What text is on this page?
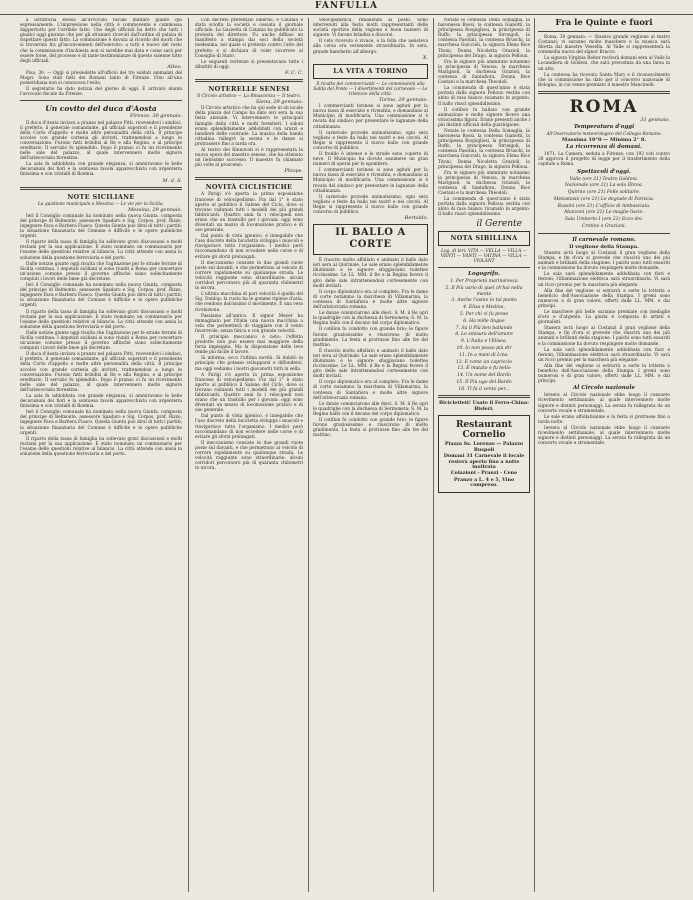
FANFULLA

a istruttoria stessa all'avvocato fiscale militare giunto qui espressamente. L'impressione nella città è commovente e commossa dappertutto per l'orribile fatto. Uno degli ufficiali ha detto che tutti i giudici oggi giurano che per gli stranieri ricevuti dall'ordine di polizia di rispettare questo fatto. La commozione è dovuta al ricordo dei morti che si trovarono fra gl'inconvenienti dell'esercito: a tutti è nuovo del resto che la commissione d'inchiesta non si sarebbe mai data e come sarà per essere forse, del processo e di tante testimonianze di questo solenne fatto degli ufficiali.

Alteo.

Pisa, 30. — Oggi si presiedette all'ufficio dei tre soldati ammalati del Magri. Sono stati fatti dei Romani tanto di Firenze. Fino all'una pomeridiana non si conosceva l'esito.

Il segretario ha dato notizia del giorno di oggi. È arrivato alunni l'avvocato fiscale da Firenze.

Un covito del duca d'Aosta

Firenze, 30 gennaio.

Il duca d'Aosta inviava a pranzo nel palazzo Pitti, ricevendovi i sindaci, il prefetto, il generale comandante, gli ufficiali superiori e il presidente della Corte d'appello e molte altre personalità della città. Il principe accolse con grande cortesia gli invitati, trattenendosi a lungo in conversazione. Furono fatti brindisi al Re e alla Regina, e al principe ereditario. Il servizio fu splendido. Dopo il pranzo ci fu un ricevimento nelle sale del palazzo, al quale intervennero molte signore dell'aristocrazia fiorentina.

La sala fu addobbata con grande eleganza; si ammiravano le belle decorazioni dei fiori e la sontuosa tavola apparecchiata con argenteria finissima e con cristalli di Boemia.

M. d. S.

NOTE SICILIANE

La quistione municipale a Messina — Le vie per la Sicilia.

Messina, 29 gennaio.

Ieri il Consiglio comunale ha nominato nella nuova Giunta, composta del principe di Belmonte, assessore Spadaro e Sig. Corpos, prof. Rizzo, ingegnere Fava e Barbera Fiasco. Questa Giunta può dirsi di tutti i partiti; la situazione finanziaria del Comune è difficile e le opere pubbliche urgenti.

Il riparto della tassa di famiglia ha sollevato gravi discussioni e molti reclami per la sua applicazione. È stato nominato un commissario per l'esame delle questioni relative al bilancio. La città attende con ansia la soluzione della questione ferroviaria e del porto.

Dalle notizie giunte oggi risulta che l'agitazione per le strade ferrate di Sicilia continua. I deputati siciliani si sono riuniti a Roma per concertare un'azione comune presso il governo affinché siano sollecitamente compiuti i lavori delle linee già decretate.

Ieri il Consiglio comunale ha nominato nella nuova Giunta, composta del principe di Belmonte, assessore Spadaro e Sig. Corpos, prof. Rizzo, ingegnere Fava e Barbera Fiasco. Questa Giunta può dirsi di tutti i partiti; la situazione finanziaria del Comune è difficile e le opere pubbliche urgenti.

Il riparto della tassa di famiglia ha sollevato gravi discussioni e molti reclami per la sua applicazione. È stato nominato un commissario per l'esame delle questioni relative al bilancio. La città attende con ansia la soluzione della questione ferroviaria e del porto.

Dalle notizie giunte oggi risulta che l'agitazione per le strade ferrate di Sicilia continua. I deputati siciliani si sono riuniti a Roma per concertare un'azione comune presso il governo affinché siano sollecitamente compiuti i lavori delle linee già decretate.

Il duca d'Aosta inviava a pranzo nel palazzo Pitti, ricevendovi i sindaci, il prefetto, il generale comandante, gli ufficiali superiori e il presidente della Corte d'appello e molte altre personalità della città. Il principe accolse con grande cortesia gli invitati, trattenendosi a lungo in conversazione. Furono fatti brindisi al Re e alla Regina, e al principe ereditario. Il servizio fu splendido. Dopo il pranzo ci fu un ricevimento nelle sale del palazzo, al quale intervennero molte signore dell'aristocrazia fiorentina.

La sala fu addobbata con grande eleganza; si ammiravano le belle decorazioni dei fiori e la sontuosa tavola apparecchiata con argenteria finissima e con cristalli di Boemia.

Ieri il Consiglio comunale ha nominato nella nuova Giunta, composta del principe di Belmonte, assessore Spadaro e Sig. Corpos, prof. Rizzo, ingegnere Fava e Barbera Fiasco. Questa Giunta può dirsi di tutti i partiti; la situazione finanziaria del Comune è difficile e le opere pubbliche urgenti.

Il riparto della tassa di famiglia ha sollevato gravi discussioni e molti reclami per la sua applicazione. È stato nominato un commissario per l'esame delle questioni relative al bilancio. La città attende con ansia la soluzione della questione ferroviaria e del porto.

Con decreto prefettizio odierno, è Catania è stata sciolta la società e cessata il giornale ufficiale. La Gazzetta di Catania ha pubblicato la protesta del direttore. Fu anche diffuso un manifesto a stampa dai soci della società medesima, nel quale si protesta contro l'atto del prefetto e si dichiara di voler ricorrere al Consiglio di Stato.

Le seguenti vertenze si presentavano tutte i dibattiti di oggi.

F. C. C.

NOTERELLE SENESI

Il Circolo artistico — La Rinascenza — Il teatro.

Siena, 29 gennaio.

Il Circolo artistico che ha qui sede in un locale della piazza del Campo ha dato ieri sera la sua festa annuale. Vi intervennero le principali famiglie della città e molti forestieri. I saloni erano splendidamente addobbati con arazzi e bandiere delle contrade. La musica della banda cittadina rallegrò la serata e le danze si protrassero fino a tarda ora.

Al teatro dei Rinnovati si è rappresentata la nuova opera del maestro senese, che ha ottenuto un lietissimo successo. Il maestro fu chiamato più volte al proscenio.

Phiops.

NOVITÀ CICLISTICHE

A Parigi s'è aperta la prima esposizione francese di velocipedismo. Fin dal 1° è stato aperto al pubblico il Salone del Ciclo, dove si trovano radunati tutti i modelli dei più grandi fabbricanti. Quattro anni fa i velocipedi non erano che un trastullo per i giovani: oggi sono diventati un mezzo di locomozione pratico e di uso generale.

Dal punto di vista igienico, è innegabile che l'uso discreto della bicicletta sviluppa i muscoli e rinvigorisce tutto l'organismo. I medici però raccomandano di non eccedere nelle corse e di evitare gli sforzi prolungati.

Il meccanismo consiste in due grandi ruote poste sul davanti, e che permettono al veicolo di correre rapidamente su qualunque strada. Le velocità raggiunte sono straordinarie: alcuni corridori percorsero più di quaranta chilometri in un'ora.

L'ultima macchina di pari velocità è quella del Sig. Dunlop: la ruota ha le gomme ripiene d'aria, che rendono dolcissimo il movimento. È una vera rivoluzione.

Passiamo all'antico. Il signor Meyer ha immaginato per l'Italia una nuova macchina a vela che permetterà di viaggiare con il vento favorevole, senza fatica e con grande velocità.

Il principio meccanico è noto: l'effetto prodotto non può essere mai maggiore della forza impiegata. Ma la disposizione delle leve rende più facile il lavoro.

Si informa, ecco l'ultima novità. Si dubitò in principio che potesse svilupparsi e diffondersi, ma oggi vediamo i nostri giovanotti tutti in sella.

A Parigi s'è aperta la prima esposizione francese di velocipedismo. Fin dal 1° è stato aperto al pubblico il Salone del Ciclo, dove si trovano radunati tutti i modelli dei più grandi fabbricanti. Quattro anni fa i velocipedi non erano che un trastullo per i giovani: oggi sono diventati un mezzo di locomozione pratico e di uso generale.

Dal punto di vista igienico, è innegabile che l'uso discreto della bicicletta sviluppa i muscoli e rinvigorisce tutto l'organismo. I medici però raccomandano di non eccedere nelle corse e di evitare gli sforzi prolungati.

Il meccanismo consiste in due grandi ruote poste sul davanti, e che permettono al veicolo di correre rapidamente su qualunque strada. Le velocità raggiunte sono straordinarie: alcuni corridori percorsero più di quaranta chilometri in un'ora.

velocipedistica, rimanendo al posto. Sono intervenuti alla festa molti rappresentanti delle società sportive della regione e buon numero di signore. Vi furono brindisi e discorsi.

Il ceto ricevuto è vivace, e la folla che assisteva alla corsa era veramente straordinaria. In sera, grande banchetto all'albergo.

X.

LA VITA A TORINO

Il ricatto dei commercianti — Le commissioni alla Salita del Ponte — I divertimenti del carnevale — Le tristezze della città.

Torino, 29 gennaio.

I commercianti torinesi si sono agitati per la nuova tassa di esercizio e rivendita, e domandano al Municipio di modificarla. Una commissione si è recata dal sindaco per presentare le lagnanze della cittadinanza.

Il carnevale procede animatissimo; ogni sera veglioni e feste da ballo nei teatri e nei circoli. Al Regio si rappresenta il nuovo ballo con grande concorso di pubblico.

Il freddo è intenso e le strade sono coperte di neve. Il Municipio ha dovuto assumere un gran numero di operai per lo sgombero.

I commercianti torinesi si sono agitati per la nuova tassa di esercizio e rivendita, e domandano al Municipio di modificarla. Una commissione si è recata dal sindaco per presentare le lagnanze della cittadinanza.

Il carnevale procede animatissimo; ogni sera veglioni e feste da ballo nei teatri e nei circoli. Al Regio si rappresenta il nuovo ballo con grande concorso di pubblico.

Bertoldo.

IL BALLO A CORTE

È riuscito molto affollato e animato il ballo dato ieri sera al Quirinale. Le sale erano splendidamente illuminate e le signore sfoggiavano toilettes ricchissime. Le LL. MM. il Re e la Regina fecero il giro delle sale intrattenendosi cortesemente con molti invitati.

Il corpo diplomatico era al completo. Fra le dame di corte notammo la marchesa di Villamarina, la contessa di Santafiora e molte altre signore dell'aristocrazia romana.

Le danze cominciarono alle dieci. S. M. il Re aprì le quadriglie con la duchessa di Sermoneta; S. M. la Regina ballò con il decano del corpo diplomatico.

Il cotillon fu condotto con grande brio; le figure furono graziosissime e riuscirono di molto gradimento. La festa si protrasse fino alle tre del mattino.

È riuscito molto affollato e animato il ballo dato ieri sera al Quirinale. Le sale erano splendidamente illuminate e le signore sfoggiavano toilettes ricchissime. Le LL. MM. il Re e la Regina fecero il giro delle sale intrattenendosi cortesemente con molti invitati.

Il corpo diplomatico era al completo. Fra le dame di corte notammo la marchesa di Villamarina, la contessa di Santafiora e molte altre signore dell'aristocrazia romana.

Le danze cominciarono alle dieci. S. M. il Re aprì le quadriglie con la duchessa di Sermoneta; S. M. la Regina ballò con il decano del corpo diplomatico.

Il cotillon fu condotto con grande brio; le figure furono graziosissime e riuscirono di molto gradimento. La festa si protrasse fino alle tre del mattino.

Notate le contessa Della Somaglia, la baronessa Rossi, la contessa Gianotti, la principessa Rospigliosi, la principessa di Ruffo, la principessa Strongoli, la contessa Pasolini, la contessa Bruschi, la marchesa Guiccioli, la signora Elena Bice Titoni, Donna Nicoletta Grazioli, la principessa del Drago, la signora Pelloux.

Fra le signore più ammirate notammo la principessa di Venosa, la marchesa Marignoli, la duchessa Grazioli, la contessa di Santafiora, Donna Bice Caetani e la marchesa Theodoli.

La commenda di quest'anno è stata portata dalla signora Pelloux vestita con abito di raso bianco ricamato in argento. Il ballo riuscì splendidissimo.

Il cotillon fu ballato con grande animazione e molte signore fecero una vivacissima figura. Erano presenti anche i più distinti ufficiali della guarnigione.

Notate le contessa Della Somaglia, la baronessa Rossi, la contessa Gianotti, la principessa Rospigliosi, la principessa di Ruffo, la principessa Strongoli, la contessa Pasolini, la contessa Bruschi, la marchesa Guiccioli, la signora Elena Bice Titoni, Donna Nicoletta Grazioli, la principessa del Drago, la signora Pelloux.

Fra le signore più ammirate notammo la principessa di Venosa, la marchesa Marignoli, la duchessa Grazioli, la contessa di Santafiora, Donna Bice Caetani e la marchesa Theodoli.

La commenda di quest'anno è stata portata dalla signora Pelloux vestita con abito di raso bianco ricamato in argento. Il ballo riuscì splendidissimo.

il Gerente

NOTA SIBILLINA

Log. di Ieri: VITA — VELLA — VILLA — VENTI — VANTI — VATINA — VILLA — VIOLANT

Logogrifo.

1. Per Proprietà marinaresca

2. Il Più vario di quel ch'hai nella mente

3. Anche l'asino in tal punto

4. Elisa e Medina.

5. Per chi vi fu preso

6. Ha mille lingue

7. Sa il Più ben ballando

8. Le smisura dell'amore

9. L'Italia e l'Elisea.

10. Io non posso più dir

11. In a mani di Lina.

12. E come un capriccio

13. È mutato e fu bello

14. Un nome del Bardo

15. Il Più ugo del Bardo

16. Ti fa il vento per...

Bicicletteti! Usate il Ferro-China-Bisleri.

Restaurant Cornelio

Piazza Ss. Lorenzo — Palazzo Ruspoli

Domani 31 Carnevale il locale resterà aperto fino a notte inoltrata

Colazioni - Pranzi - Cene

Pranzo a L. 4 e 5, Vino compreso.

Fra le Quinte e fuori

Roma, 30 gennaio. — Stasera grande veglione al teatro Costanzi; vi saranno molte maschere e la musica sarà diretta dal maestro Vessella. Al Valle si rappresenterà la commedia nuova del signor Bracco.

La signora Virginia Reiter reciterà domani sera al Valle la Locandiera di Goldoni, che sarà preceduta da una farsa in un atto.

La contessa ha ricevuto Santa Mary e il riconoscimento che la commissione ha dato per il concorso nazionale di Bologna, in cui venne premiato il maestro Mancinelli.

ROMA

31 gennaio.

Temperatura d'oggi

All'Osservatorio meteorologico del Collegio Romano:

Massima 10°0 — Minima 2° 8.

La ricorrenza di domani.

1871. La Camera, seduta a Firenze, con 192 voti contro 28 approva il progetto di legge per il trasferimento della capitale a Roma.

Spettacoli d'oggi.

Valle (ore 21) Teatro Goldoni.

Nazionale (ore 21) La sola Ebrea.

Quirino (ore 21) Folle solitaire.

Metastasio (ore 21) Le degnate di Pariscia.

Rossini (ore 21) L'ufficio di Ambasciata.

Manzoni (ore 21) Le maglie liscie.

Sala Umberto I (ore 21) Ecco dei.

Cretine e Graziani.

Il carnevale romano.

Il veglione della Stampa.

Stasera avrà luogo al Costanzi il gran veglione della Stampa, e fin d'ora si prevede che riuscirà uno dei più animati e brillanti della stagione. I palchi sono tutti esauriti e la commissione ha dovuto respingere molte domande.

La sala sarà splendidamente addobbata con fiori e festoni; l'illuminazione elettrica sarà straordinaria. Vi sarà un ricco premio per la maschera più elegante.

Alla fine del veglione si estrarrà a sorte la lotteria a beneficio dell'Associazione della Stampa. I premi sono numerosi e di gran valore, offerti dalle LL. MM. e dai principi.

Le maschere più belle saranno premiate con medaglie d'oro e d'argento. La giuria è composta di artisti e giornalisti.

Stasera avrà luogo al Costanzi il gran veglione della Stampa, e fin d'ora si prevede che riuscirà uno dei più animati e brillanti della stagione. I palchi sono tutti esauriti e la commissione ha dovuto respingere molte domande.

La sala sarà splendidamente addobbata con fiori e festoni; l'illuminazione elettrica sarà straordinaria. Vi sarà un ricco premio per la maschera più elegante.

Alla fine del veglione si estrarrà a sorte la lotteria a beneficio dell'Associazione della Stampa. I premi sono numerosi e di gran valore, offerti dalle LL. MM. e dai principi.

Al Circolo nazionale

Iersera al Circolo nazionale ebbe luogo il consueto ricevimento settimanale, al quale intervennero molte signore e distinti personaggi. La serata fu rallegrata da un concerto vocale e strumentale.

Le sale erano affollatissime e la festa si protrasse fino a tarda notte.

Iersera al Circolo nazionale ebbe luogo il consueto ricevimento settimanale, al quale intervennero molte signore e distinti personaggi. La serata fu rallegrata da un concerto vocale e strumentale.
